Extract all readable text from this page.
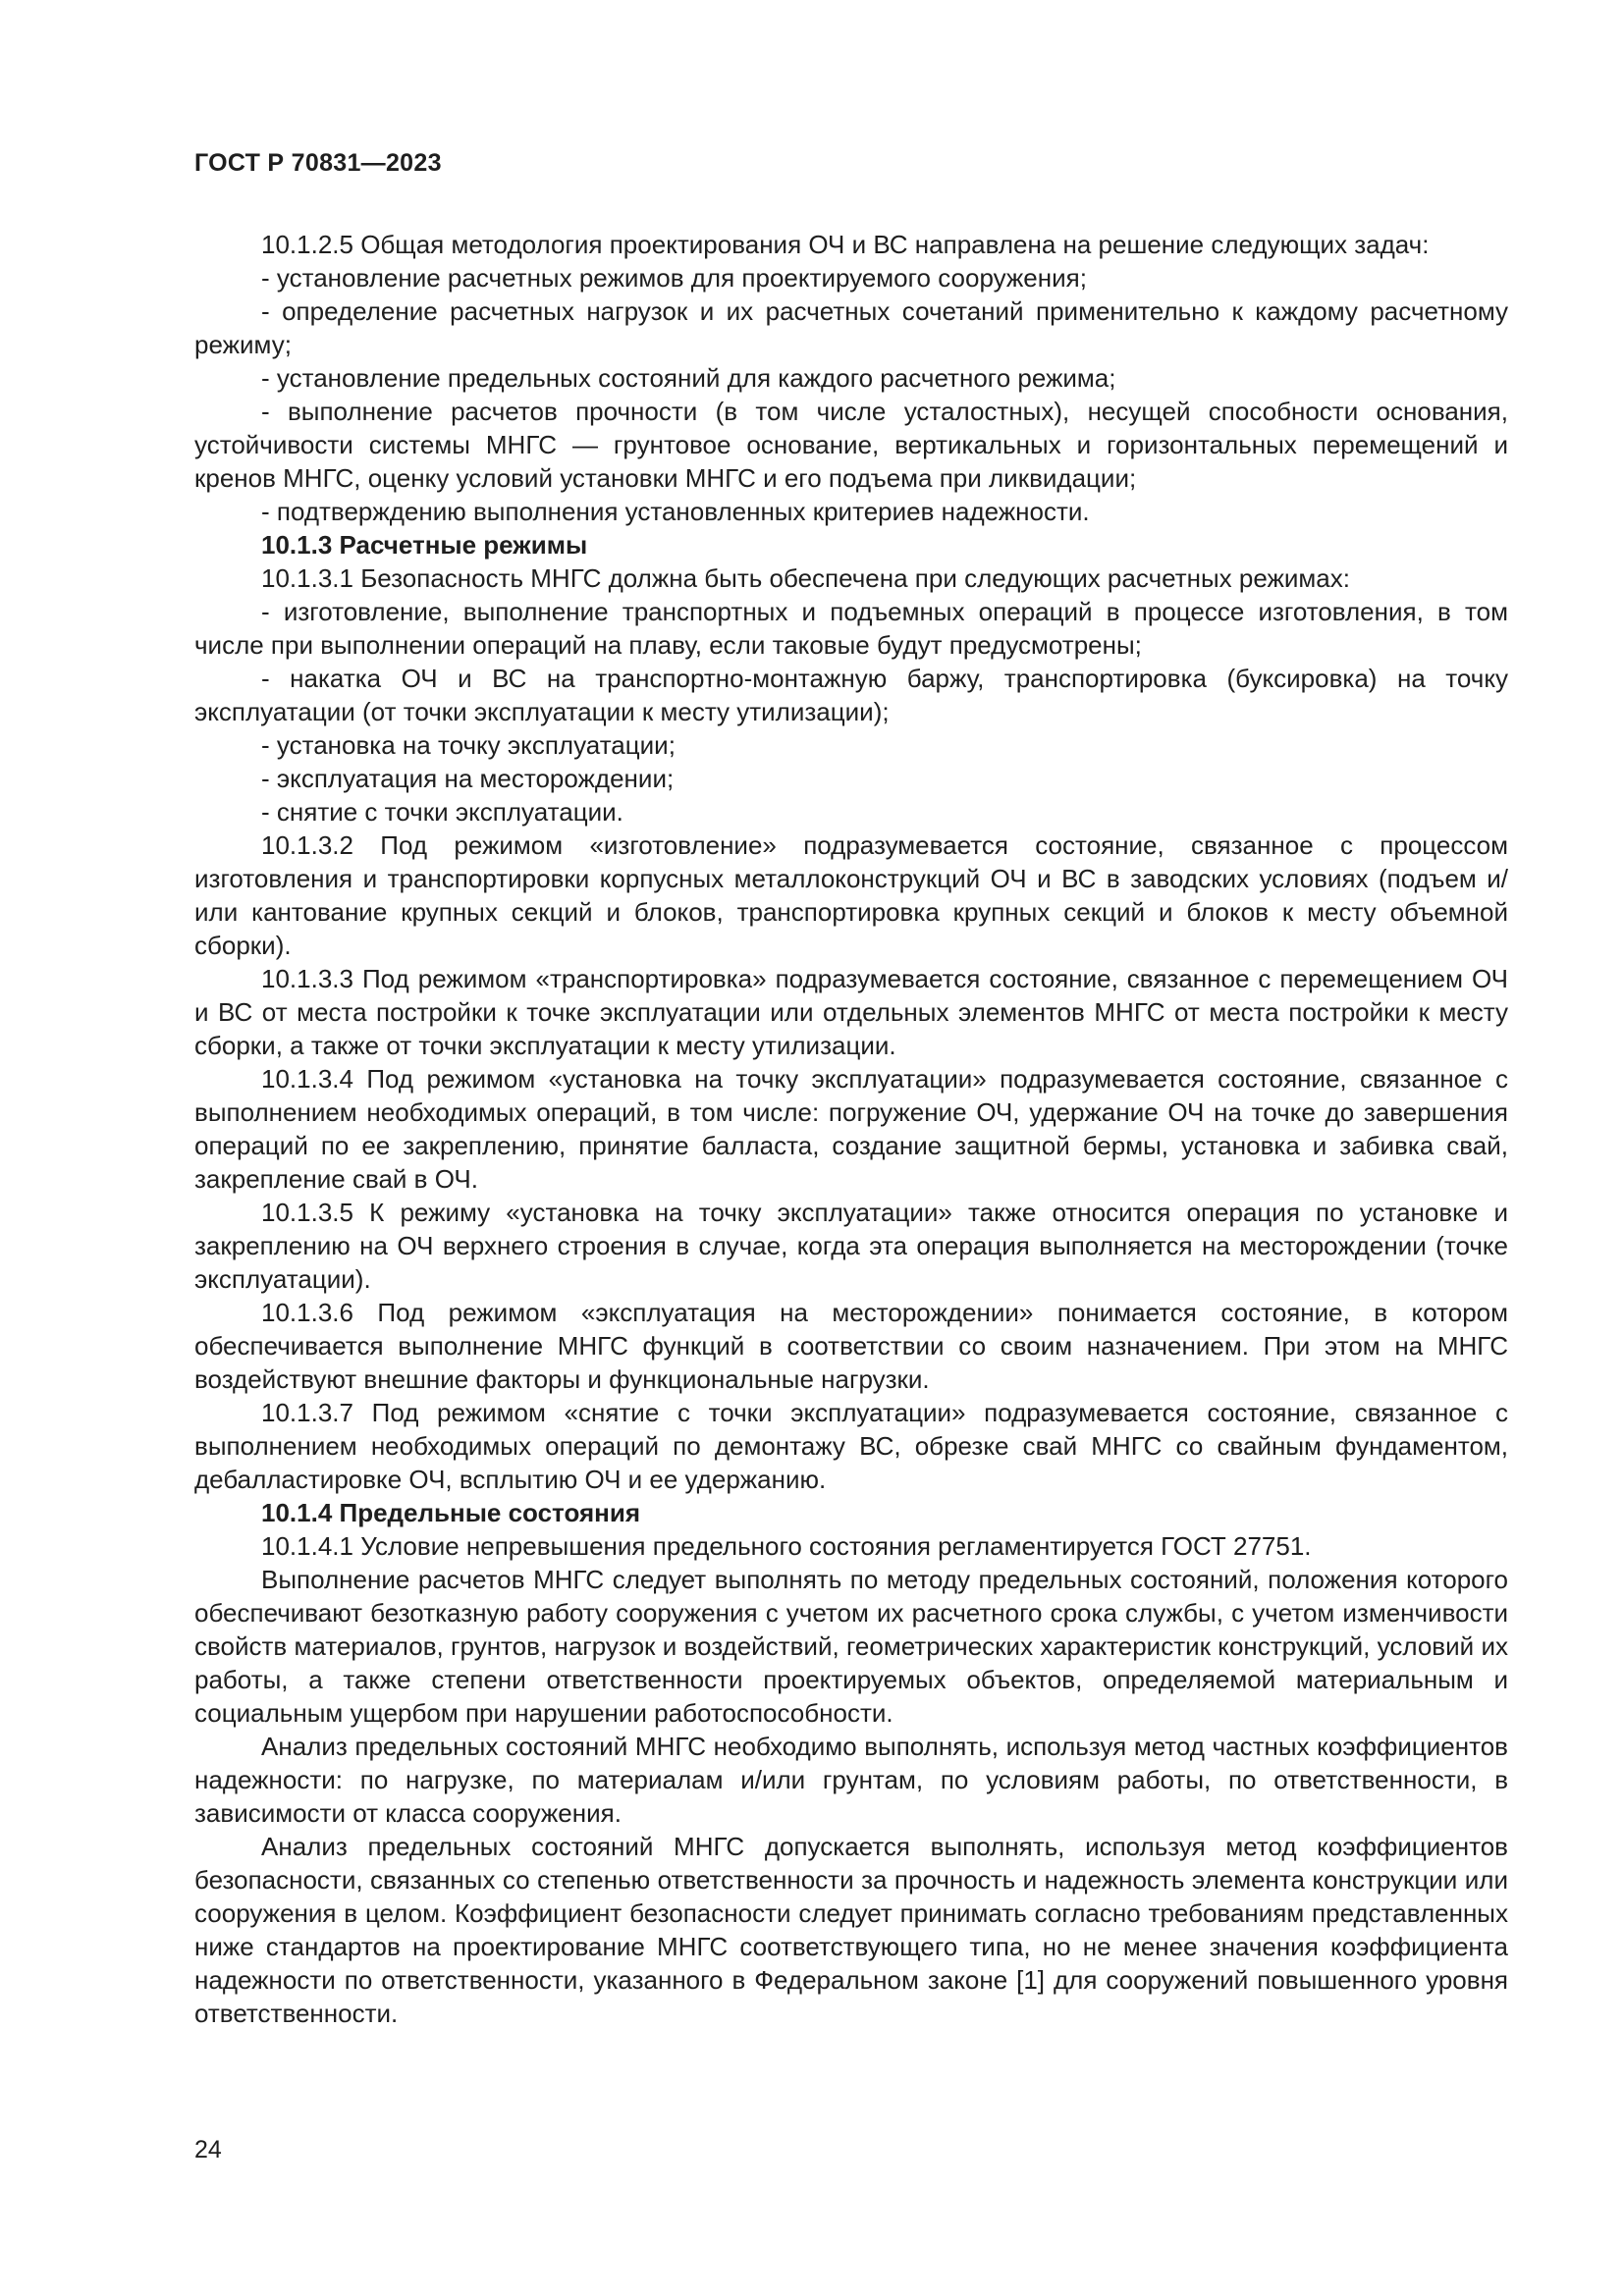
ГОСТ Р 70831—2023

10.1.2.5 Общая методология проектирования ОЧ и ВС направлена на решение следующих задач:

- установление расчетных режимов для проектируемого сооружения;

- определение расчетных нагрузок и их расчетных сочетаний применительно к каждому расчетному режиму;

- установление предельных состояний для каждого расчетного режима;

- выполнение расчетов прочности (в том числе усталостных), несущей способности основания, устойчивости системы МНГС — грунтовое основание, вертикальных и горизонтальных перемещений и кренов МНГС, оценку условий установки МНГС и его подъема при ликвидации;

- подтверждению выполнения установленных критериев надежности.

10.1.3 Расчетные режимы

10.1.3.1 Безопасность МНГС должна быть обеспечена при следующих расчетных режимах:

- изготовление, выполнение транспортных и подъемных операций в процессе изготовления, в том числе при выполнении операций на плаву, если таковые будут предусмотрены;

- накатка ОЧ и ВС на транспортно-монтажную баржу, транспортировка (буксировка) на точку эксплуатации (от точки эксплуатации к месту утилизации);

- установка на точку эксплуатации;

- эксплуатация на месторождении;

- снятие с точки эксплуатации.

10.1.3.2 Под режимом «изготовление» подразумевается состояние, связанное с процессом изготовления и транспортировки корпусных металлоконструкций ОЧ и ВС в заводских условиях (подъем и/или кантование крупных секций и блоков, транспортировка крупных секций и блоков к месту объемной сборки).

10.1.3.3 Под режимом «транспортировка» подразумевается состояние, связанное с перемещением ОЧ и ВС от места постройки к точке эксплуатации или отдельных элементов МНГС от места постройки к месту сборки, а также от точки эксплуатации к месту утилизации.

10.1.3.4 Под режимом «установка на точку эксплуатации» подразумевается состояние, связанное с выполнением необходимых операций, в том числе: погружение ОЧ, удержание ОЧ на точке до завершения операций по ее закреплению, принятие балласта, создание защитной бермы, установка и забивка свай, закрепление свай в ОЧ.

10.1.3.5 К режиму «установка на точку эксплуатации» также относится операция по установке и закреплению на ОЧ верхнего строения в случае, когда эта операция выполняется на месторождении (точке эксплуатации).

10.1.3.6 Под режимом «эксплуатация на месторождении» понимается состояние, в котором обеспечивается выполнение МНГС функций в соответствии со своим назначением. При этом на МНГС воздействуют внешние факторы и функциональные нагрузки.

10.1.3.7 Под режимом «снятие с точки эксплуатации» подразумевается состояние, связанное с выполнением необходимых операций по демонтажу ВС, обрезке свай МНГС со свайным фундаментом, дебалластировке ОЧ, всплытию ОЧ и ее удержанию.

10.1.4 Предельные состояния

10.1.4.1 Условие непревышения предельного состояния регламентируется ГОСТ 27751.

Выполнение расчетов МНГС следует выполнять по методу предельных состояний, положения которого обеспечивают безотказную работу сооружения с учетом их расчетного срока службы, с учетом изменчивости свойств материалов, грунтов, нагрузок и воздействий, геометрических характеристик конструкций, условий их работы, а также степени ответственности проектируемых объектов, определяемой материальным и социальным ущербом при нарушении работоспособности.

Анализ предельных состояний МНГС необходимо выполнять, используя метод частных коэффициентов надежности: по нагрузке, по материалам и/или грунтам, по условиям работы, по ответственности, в зависимости от класса сооружения.

Анализ предельных состояний МНГС допускается выполнять, используя метод коэффициентов безопасности, связанных со степенью ответственности за прочность и надежность элемента конструкции или сооружения в целом. Коэффициент безопасности следует принимать согласно требованиям представленных ниже стандартов на проектирование МНГС соответствующего типа, но не менее значения коэффициента надежности по ответственности, указанного в Федеральном законе [1] для сооружений повышенного уровня ответственности.

24
